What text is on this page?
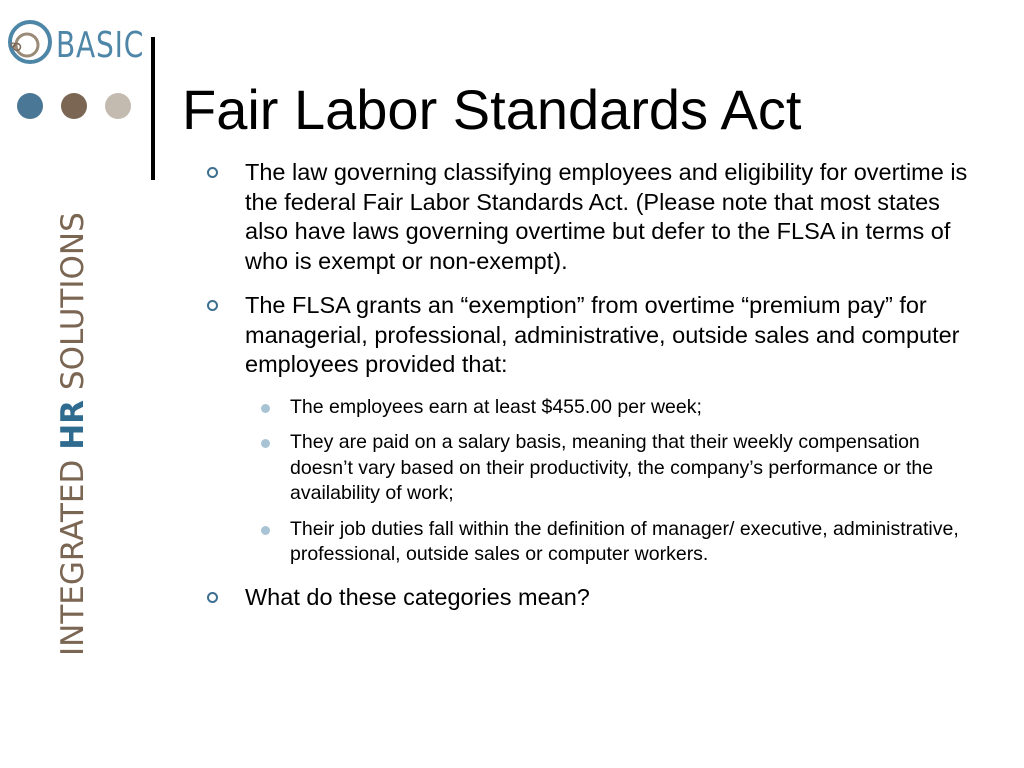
BASIC
INTEGRATED HR SOLUTIONS
Fair Labor Standards Act
The law governing classifying employees and eligibility for overtime is the federal Fair Labor Standards Act. (Please note that most states also have laws governing overtime but defer to the FLSA in terms of who is exempt or non-exempt).
The FLSA grants an “exemption” from overtime “premium pay” for managerial, professional, administrative, outside sales and computer employees provided that:
The employees earn at least $455.00 per week;
They are paid on a salary basis, meaning that their weekly compensation doesn’t vary based on their productivity, the company’s performance or the availability of work;
Their job duties fall within the definition of manager/ executive, administrative, professional, outside sales or computer workers.
What do these categories mean?
